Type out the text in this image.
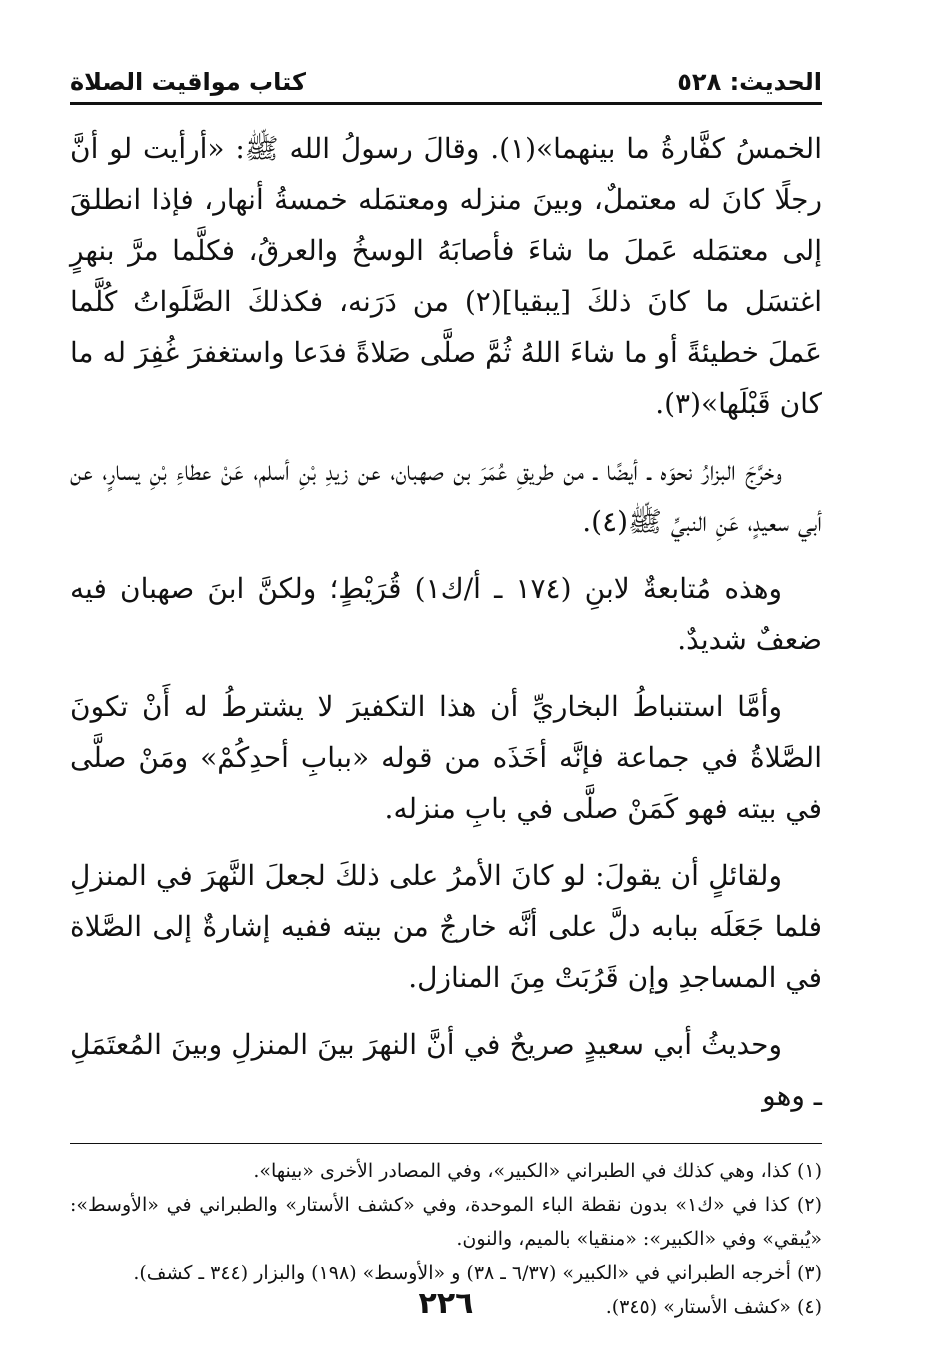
الحديث: ٥٢٨
كتاب مواقيت الصلاة

الخمسُ كفَّارةُ ما بينهما»(١). وقالَ رسولُ الله ﷺ: «أرأيت لو أنَّ رجلًا كانَ له معتملٌ، وبينَ منزله ومعتمَله خمسةُ أنهار، فإذا انطلقَ إلى معتمَله عَملَ ما شاءَ فأصابَهُ الوسخُ والعرقُ، فكلَّما مرَّ بنهرٍ اغتسَل ما كانَ ذلكَ [يبقيا](٢) من دَرَنه، فكذلكَ الصَّلَواتُ كُلَّما عَملَ خطيئةً أو ما شاءَ اللهُ ثُمَّ صلَّى صَلاةً فدَعا واستغفرَ غُفِرَ له ما كان قَبْلَها»(٣).

وخرَّجَ البزارُ نحوَه ـ أيضًا ـ من طريقِ عُمَرَ بن صهبان، عن زيدِ بْنِ أسلم، عَنْ عطاءِ بْنِ يسارٍ، عن أبي سعيدٍ، عَنِ النبيِّ ﷺ(٤).

وهذه مُتابعةٌ لابنِ (١٧٤ ـ أ/ك١) قُرَيْطٍ؛ ولكنَّ ابنَ صهبان فيه ضعفٌ شديدٌ.

وأمَّا استنباطُ البخاريِّ أن هذا التكفيرَ لا يشترطُ له أَنْ تكونَ الصَّلاةُ في جماعة فإنَّه أخَذَه من قوله «ببابِ أحدِكُمْ» ومَنْ صلَّى في بيته فهو كَمَنْ صلَّى في بابِ منزله.

ولقائلٍ أن يقولَ: لو كانَ الأمرُ على ذلكَ لجعلَ النَّهرَ في المنزلِ فلما جَعَلَه ببابه دلَّ على أنَّه خارجٌ من بيته ففيه إشارةٌ إلى الصَّلاة في المساجدِ وإن قَرُبَتْ مِنَ المنازل.

وحديثُ أبي سعيدٍ صريحٌ في أنَّ النهرَ بينَ المنزلِ وبينَ المُعتَمَلِ ـ وهو

(١) كذا، وهي كذلك في الطبراني «الكبير»، وفي المصادر الأخرى «بينها».

(٢) كذا في «ك١» بدون نقطة الباء الموحدة، وفي «كشف الأستار» والطبراني في «الأوسط»: «يُبقي» وفي «الكبير»: «منقيا» بالميم، والنون.

(٣) أخرجه الطبراني في «الكبير» (٦/٣٧ ـ ٣٨) و «الأوسط» (١٩٨) والبزار (٣٤٤ ـ كشف).

(٤) «كشف الأستار» (٣٤٥).

٢٢٦
